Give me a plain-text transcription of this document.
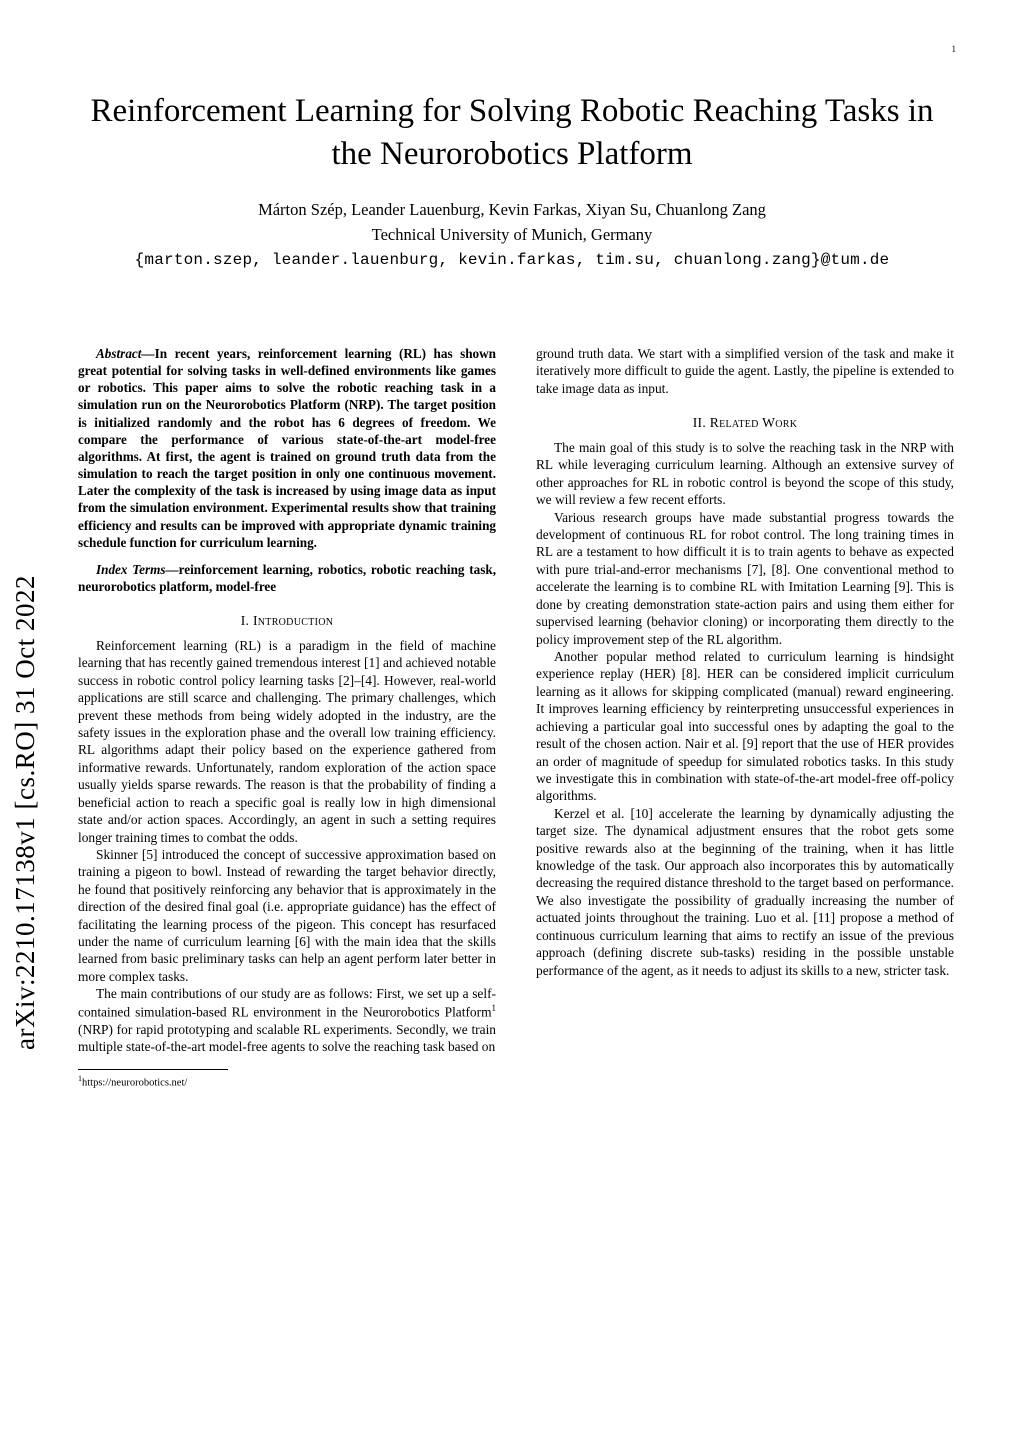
1
arXiv:2210.17138v1 [cs.RO] 31 Oct 2022
Reinforcement Learning for Solving Robotic Reaching Tasks in the Neurorobotics Platform
Márton Szép, Leander Lauenburg, Kevin Farkas, Xiyan Su, Chuanlong Zang
Technical University of Munich, Germany
{marton.szep, leander.lauenburg, kevin.farkas, tim.su, chuanlong.zang}@tum.de

Abstract—In recent years, reinforcement learning (RL) has shown great potential for solving tasks in well-defined environments like games or robotics. This paper aims to solve the robotic reaching task in a simulation run on the Neurorobotics Platform (NRP). The target position is initialized randomly and the robot has 6 degrees of freedom. We compare the performance of various state-of-the-art model-free algorithms. At first, the agent is trained on ground truth data from the simulation to reach the target position in only one continuous movement. Later the complexity of the task is increased by using image data as input from the simulation environment. Experimental results show that training efficiency and results can be improved with appropriate dynamic training schedule function for curriculum learning.

Index Terms—reinforcement learning, robotics, robotic reaching task, neurorobotics platform, model-free

I. Introduction

Reinforcement learning (RL) is a paradigm in the field of machine learning that has recently gained tremendous interest [1] and achieved notable success in robotic control policy learning tasks [2]–[4]. However, real-world applications are still scarce and challenging. The primary challenges, which prevent these methods from being widely adopted in the industry, are the safety issues in the exploration phase and the overall low training efficiency. RL algorithms adapt their policy based on the experience gathered from informative rewards. Unfortunately, random exploration of the action space usually yields sparse rewards. The reason is that the probability of finding a beneficial action to reach a specific goal is really low in high dimensional state and/or action spaces. Accordingly, an agent in such a setting requires longer training times to combat the odds.

Skinner [5] introduced the concept of successive approximation based on training a pigeon to bowl. Instead of rewarding the target behavior directly, he found that positively reinforcing any behavior that is approximately in the direction of the desired final goal (i.e. appropriate guidance) has the effect of facilitating the learning process of the pigeon. This concept has resurfaced under the name of curriculum learning [6] with the main idea that the skills learned from basic preliminary tasks can help an agent perform later better in more complex tasks.

The main contributions of our study are as follows: First, we set up a self-contained simulation-based RL environment in the Neurorobotics Platform$^1$ (NRP) for rapid prototyping and scalable RL experiments. Secondly, we train multiple state-of-the-art model-free agents to solve the reaching task based on

$^1$https://neurorobotics.net/

ground truth data. We start with a simplified version of the task and make it iteratively more difficult to guide the agent. Lastly, the pipeline is extended to take image data as input.

II. Related Work

The main goal of this study is to solve the reaching task in the NRP with RL while leveraging curriculum learning. Although an extensive survey of other approaches for RL in robotic control is beyond the scope of this study, we will review a few recent efforts.

Various research groups have made substantial progress towards the development of continuous RL for robot control. The long training times in RL are a testament to how difficult it is to train agents to behave as expected with pure trial-and-error mechanisms [7], [8]. One conventional method to accelerate the learning is to combine RL with Imitation Learning [9]. This is done by creating demonstration state-action pairs and using them either for supervised learning (behavior cloning) or incorporating them directly to the policy improvement step of the RL algorithm.

Another popular method related to curriculum learning is hindsight experience replay (HER) [8]. HER can be considered implicit curriculum learning as it allows for skipping complicated (manual) reward engineering. It improves learning efficiency by reinterpreting unsuccessful experiences in achieving a particular goal into successful ones by adapting the goal to the result of the chosen action. Nair et al. [9] report that the use of HER provides an order of magnitude of speedup for simulated robotics tasks. In this study we investigate this in combination with state-of-the-art model-free off-policy algorithms.

Kerzel et al. [10] accelerate the learning by dynamically adjusting the target size. The dynamical adjustment ensures that the robot gets some positive rewards also at the beginning of the training, when it has little knowledge of the task. Our approach also incorporates this by automatically decreasing the required distance threshold to the target based on performance. We also investigate the possibility of gradually increasing the number of actuated joints throughout the training. Luo et al. [11] propose a method of continuous curriculum learning that aims to rectify an issue of the previous approach (defining discrete sub-tasks) residing in the possible unstable performance of the agent, as it needs to adjust its skills to a new, stricter task.
